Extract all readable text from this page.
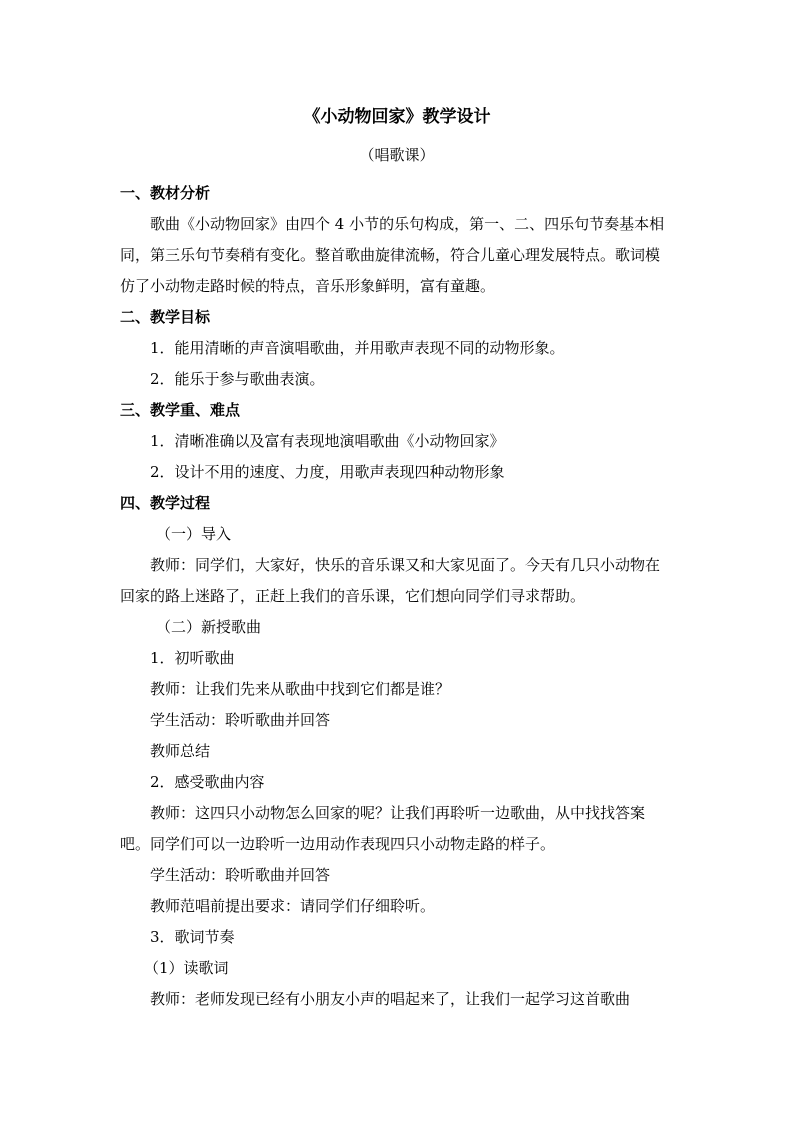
《小动物回家》教学设计
（唱歌课）
一、教材分析
歌曲《小动物回家》由四个 4 小节的乐句构成，第一、二、四乐句节奏基本相同，第三乐句节奏稍有变化。整首歌曲旋律流畅，符合儿童心理发展特点。歌词模仿了小动物走路时候的特点，音乐形象鲜明，富有童趣。
二、教学目标
1．能用清晰的声音演唱歌曲，并用歌声表现不同的动物形象。
2．能乐于参与歌曲表演。
三、教学重、难点
1．清晰准确以及富有表现地演唱歌曲《小动物回家》
2．设计不用的速度、力度，用歌声表现四种动物形象
四、教学过程
（一）导入
教师：同学们，大家好，快乐的音乐课又和大家见面了。今天有几只小动物在回家的路上迷路了，正赶上我们的音乐课，它们想向同学们寻求帮助。
（二）新授歌曲
1．初听歌曲
教师：让我们先来从歌曲中找到它们都是谁？
学生活动：聆听歌曲并回答
教师总结
2．感受歌曲内容
教师：这四只小动物怎么回家的呢？让我们再聆听一边歌曲，从中找找答案吧。同学们可以一边聆听一边用动作表现四只小动物走路的样子。
学生活动：聆听歌曲并回答
教师范唱前提出要求：请同学们仔细聆听。
3．歌词节奏
（1）读歌词
教师：老师发现已经有小朋友小声的唱起来了，让我们一起学习这首歌曲
